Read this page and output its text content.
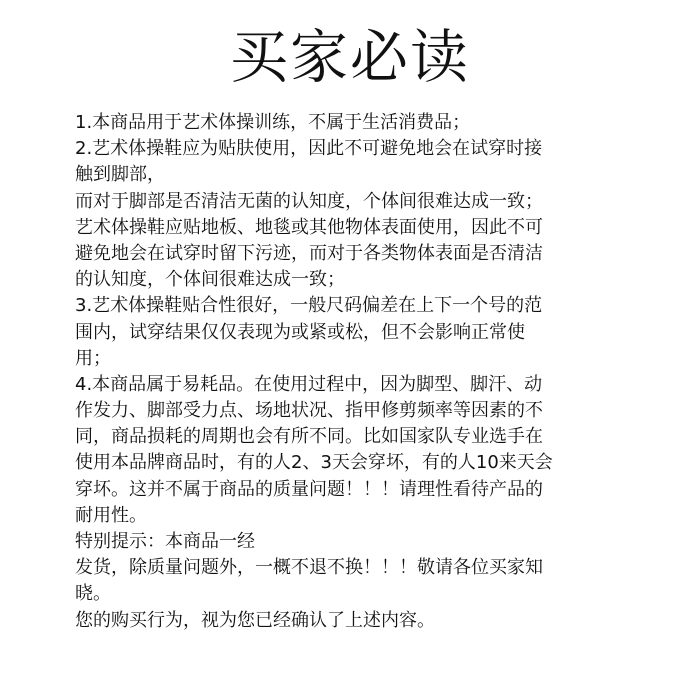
买家必读
1.本商品用于艺术体操训练，不属于生活消费品；
2.艺术体操鞋应为贴肤使用，因此不可避免地会在试穿时接
触到脚部，
而对于脚部是否清洁无菌的认知度，个体间很难达成一致；
艺术体操鞋应贴地板、地毯或其他物体表面使用，因此不可
避免地会在试穿时留下污迹，而对于各类物体表面是否清洁
的认知度，个体间很难达成一致；
3.艺术体操鞋贴合性很好，一般尺码偏差在上下一个号的范
围内，试穿结果仅仅表现为或紧或松，但不会影响正常使
用；
4.本商品属于易耗品。在使用过程中，因为脚型、脚汗、动
作发力、脚部受力点、场地状况、指甲修剪频率等因素的不
同，商品损耗的周期也会有所不同。比如国家队专业选手在
使用本品牌商品时，有的人2、3天会穿坏，有的人10来天会
穿坏。这并不属于商品的质量问题！！！请理性看待产品的
耐用性。
特别提示：本商品一经
发货，除质量问题外，一概不退不换！！！敬请各位买家知
晓。
您的购买行为，视为您已经确认了上述内容。
